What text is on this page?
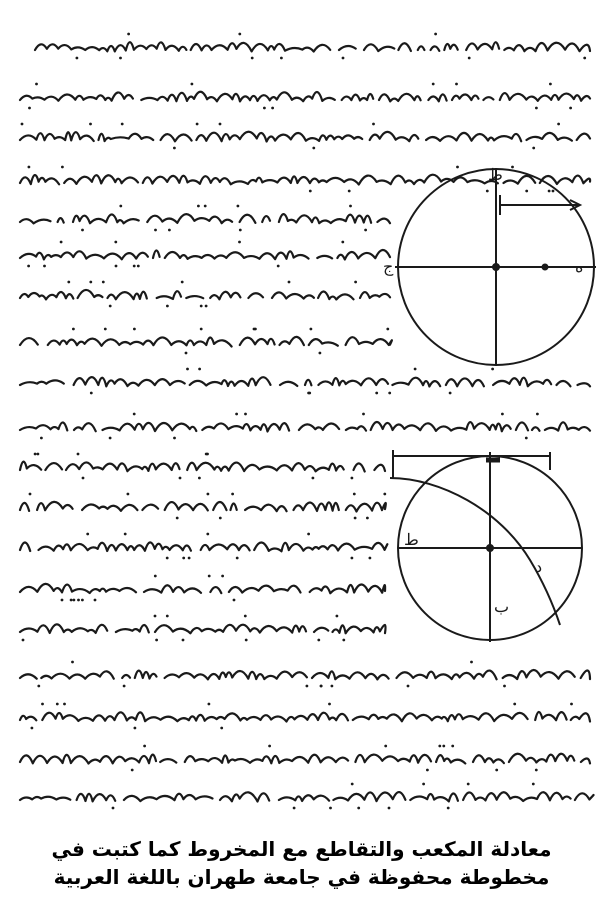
ج	ه
ط
ط
د
ب
معادلة المكعب والتقاطع مع المخروط كما كتبت في
مخطوطة محفوظة في جامعة طهران باللغة العربية
